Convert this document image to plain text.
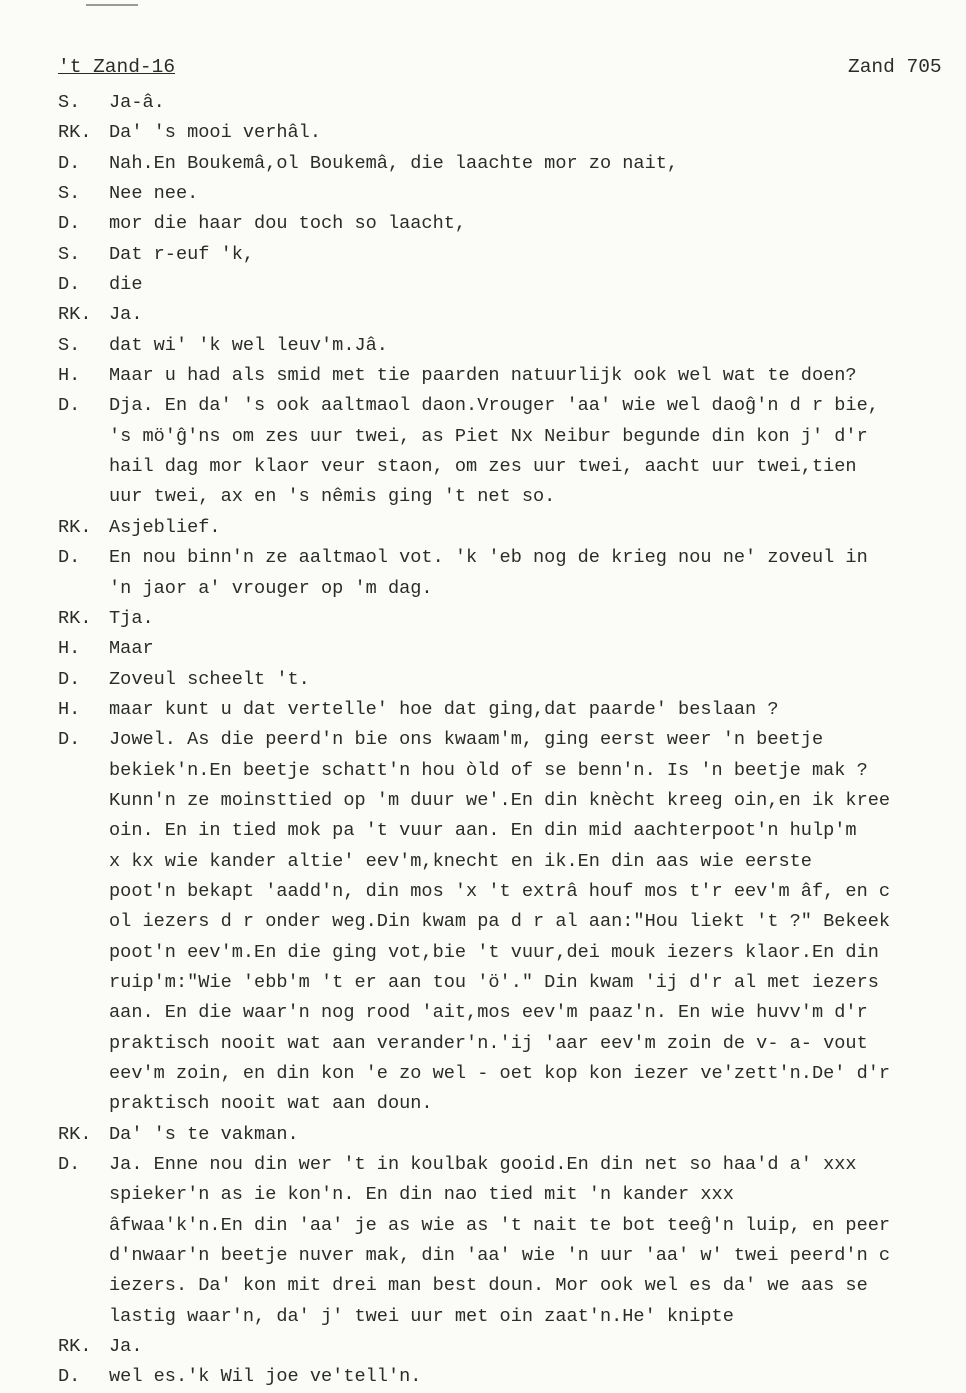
't Zand-16	Zand 705
S. Ja-â.
RK. Da' 's mooi verhâl.
D. Nah.En Boukemâ,ol Boukemâ, die laachte mor zo nait,
S. Nee nee.
D. mor die haar dou toch so laacht,
S. Dat r-euf 'k,
D. die
RK. Ja.
S. dat wi' 'k wel leuv'm.Jâ.
H. Maar u had als smid met tie paarden natuurlijk ook wel wat te doen?
D. Dja. En da' 's ook aaltmaol daon.Vrouger 'aa' wie wel daoĝ'n d r bie,
's mö'ĝ'ns om zes uur twei, as Piet Nx Neibur begunde din kon j' d'r
hail dag mor klaor veur staon, om zes uur twei, aacht uur twei,tien
uur twei, ax en 's nêmis ging 't net so.
RK. Asjeblief.
D. En nou binn'n ze aaltmaol vot. 'k 'eb nog de krieg nou ne' zoveul in
'n jaor a' vrouger op 'm dag.
RK. Tja.
H. Maar
D. Zoveul scheelt 't.
H. maar kunt u dat vertelle' hoe dat ging,dat paarde' beslaan ?
D. Jowel. As die peerd'n bie ons kwaam'm, ging eerst weer 'n beetje
bekiek'n.En beetje schatt'n hou òld of se benn'n. Is 'n beetje mak ?
Kunn'n ze moinsttied op 'm duur we'.En din knècht kreeg oin,en ik kree
oin. En in tied mok pa 't vuur aan. En din mid aachterpoot'n hulp'm
x kx wie kander altie' eev'm,knecht en ik.En din aas wie eerste
poot'n bekapt 'aadd'n, din mos 'x 't extrâ houf mos t'r eev'm âf, en c
ol iezers d r onder weg.Din kwam pa d r al aan:"Hou liekt 't ?" Bekeek
poot'n eev'm.En die ging vot,bie 't vuur,dei mouk iezers klaor.En din
ruip'm:"Wie 'ebb'm 't er aan tou 'ö'." Din kwam 'ij d'r al met iezers
aan. En die waar'n nog rood 'ait,mos eev'm paaz'n. En wie huvv'm d'r
praktisch nooit wat aan verander'n.'ij 'aar eev'm zoin de v- a- vout
eev'm zoin, en din kon 'e zo wel - oet kop kon iezer ve'zett'n.De' d'r
praktisch nooit wat aan doun.
RK. Da' 's te vakman.
D. Ja. Enne nou din wer 't in koulbak gooid.En din net so haa'd a' xxx
spieker'n as ie kon'n. En din nao tied mit 'n kander xxx
âfwaa'k'n.En din 'aa' je as wie as 't nait te bot teeĝ'n luip, en peer
d'nwaar'n beetje nuver mak, din 'aa' wie 'n uur 'aa' w' twei peerd'n c
iezers. Da' kon mit drei man best doun. Mor ook wel es da' we aas se
lastig waar'n, da' j' twei uur met oin zaat'n.He' knipte
RK. Ja.
D. wel es.'k Wil joe ve'tell'n.
